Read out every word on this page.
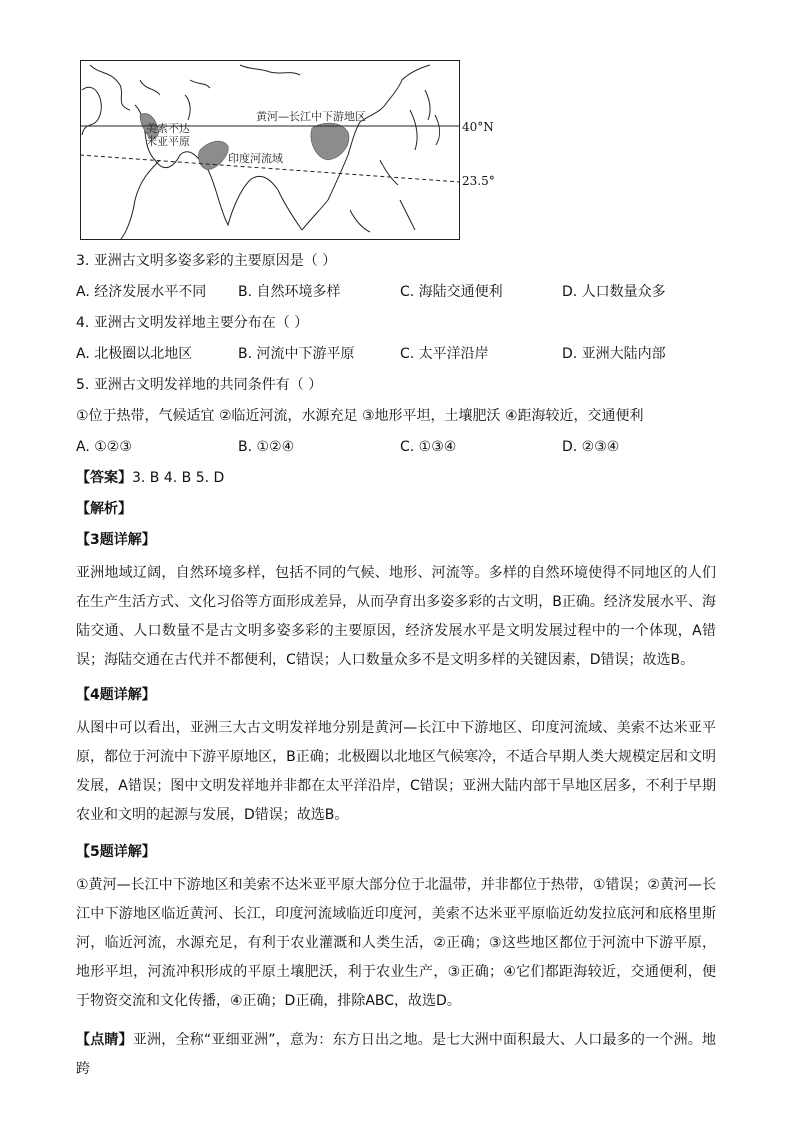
黄河—长江中下游地区
美索不达
米亚平原
印度河流域
40°N
23.5°
3. 亚洲古文明多姿多彩的主要原因是（ ）
A. 经济发展水平不同 B. 自然环境多样	C. 海陆交通便利	D. 人口数量众多
4. 亚洲古文明发祥地主要分布在（ ）
A. 北极圈以北地区	B. 河流中下游平原	C. 太平洋沿岸	D. 亚洲大陆内部
5. 亚洲古文明发祥地的共同条件有（ ）
①位于热带，气候适宜 ②临近河流，水源充足 ③地形平坦，土壤肥沃 ④距海较近，交通便利
A. ①②③	B. ①②④	C. ①③④	D. ②③④
【答案】3. B 4. B 5. D
【解析】
【3题详解】
亚洲地域辽阔，自然环境多样，包括不同的气候、地形、河流等。多样的自然环境使得不同地区的人们在生产生活方式、文化习俗等方面形成差异，从而孕育出多姿多彩的古文明，B正确。经济发展水平、海陆交通、人口数量不是古文明多姿多彩的主要原因，经济发展水平是文明发展过程中的一个体现，A错误；海陆交通在古代并不都便利，C错误；人口数量众多不是文明多样的关键因素，D错误；故选B。
【4题详解】
从图中可以看出，亚洲三大古文明发祥地分别是黄河—长江中下游地区、印度河流域、美索不达米亚平原，都位于河流中下游平原地区，B正确；北极圈以北地区气候寒冷，不适合早期人类大规模定居和文明发展，A错误；图中文明发祥地并非都在太平洋沿岸，C错误；亚洲大陆内部干旱地区居多，不利于早期农业和文明的起源与发展，D错误；故选B。
【5题详解】
①黄河—长江中下游地区和美索不达米亚平原大部分位于北温带，并非都位于热带，①错误；②黄河—长江中下游地区临近黄河、长江，印度河流域临近印度河，美索不达米亚平原临近幼发拉底河和底格里斯河，临近河流，水源充足，有利于农业灌溉和人类生活，②正确；③这些地区都位于河流中下游平原，地形平坦，河流冲积形成的平原土壤肥沃，利于农业生产，③正确；④它们都距海较近，交通便利，便于物资交流和文化传播，④正确；D正确，排除ABC，故选D。
【点睛】亚洲，全称“亚细亚洲”，意为：东方日出之地。是七大洲中面积最大、人口最多的一个洲。地跨
